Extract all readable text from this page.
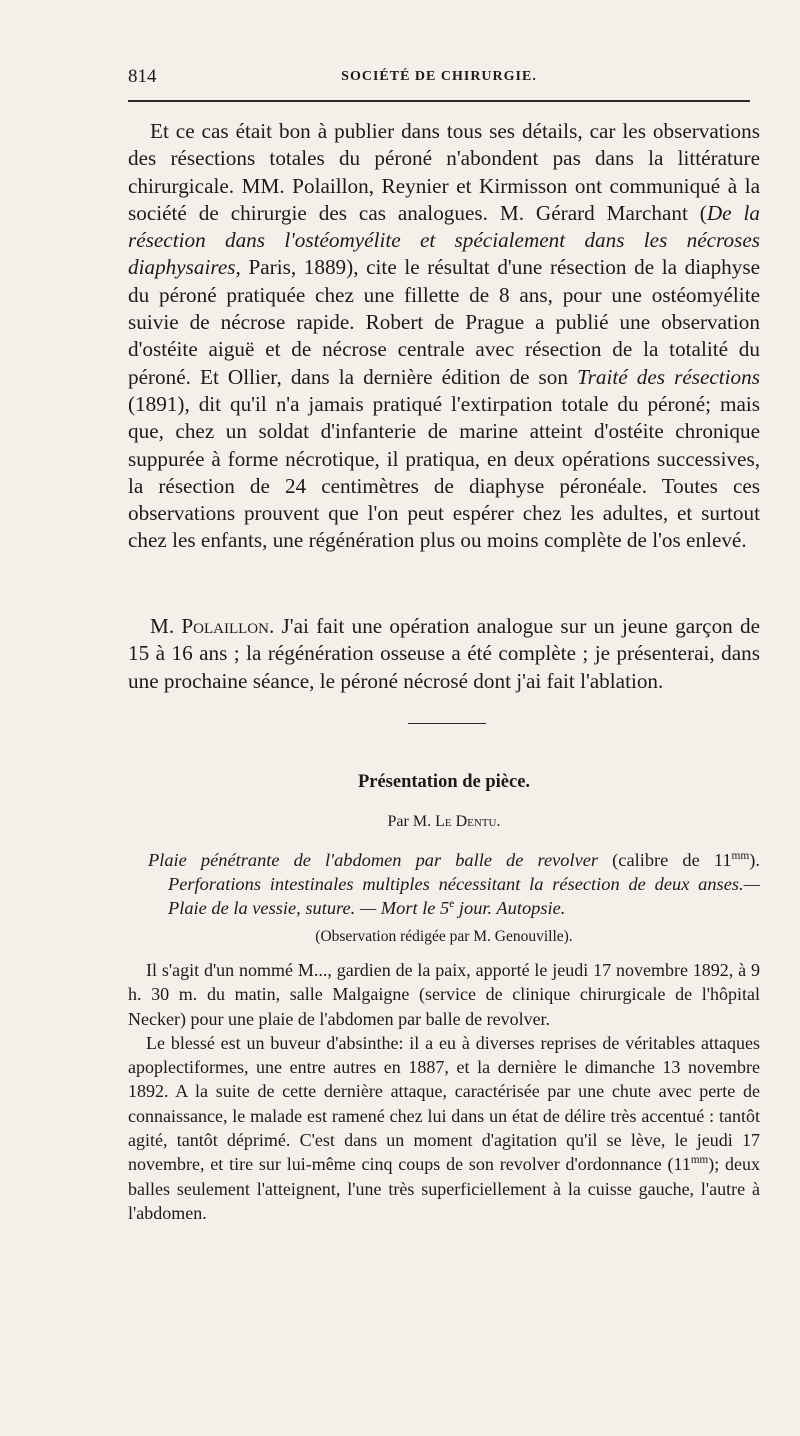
814	SOCIÉTÉ DE CHIRURGIE.

Et ce cas était bon à publier dans tous ses détails, car les observations des résections totales du péroné n'abondent pas dans la littérature chirurgicale. MM. Polaillon, Reynier et Kirmisson ont communiqué à la société de chirurgie des cas analogues. M. Gérard Marchant (De la résection dans l'ostéomyélite et spécialement dans les nécroses diaphysaires, Paris, 1889), cite le résultat d'une résection de la diaphyse du péroné pratiquée chez une fillette de 8 ans, pour une ostéomyélite suivie de nécrose rapide. Robert de Prague a publié une observation d'ostéite aiguë et de nécrose centrale avec résection de la totalité du péroné. Et Ollier, dans la dernière édition de son Traité des résections (1891), dit qu'il n'a jamais pratiqué l'extirpation totale du péroné; mais que, chez un soldat d'infanterie de marine atteint d'ostéite chronique suppurée à forme nécrotique, il pratiqua, en deux opérations successives, la résection de 24 centimètres de diaphyse péronéale. Toutes ces observations prouvent que l'on peut espérer chez les adultes, et surtout chez les enfants, une régénération plus ou moins complète de l'os enlevé.

M. Polaillon. J'ai fait une opération analogue sur un jeune garçon de 15 à 16 ans ; la régénération osseuse a été complète ; je présenterai, dans une prochaine séance, le péroné nécrosé dont j'ai fait l'ablation.

Présentation de pièce.
Par M. Le Dentu.

Plaie pénétrante de l'abdomen par balle de revolver (calibre de $11^{mm}$). Perforations intestinales multiples nécessitant la résection de deux anses.— Plaie de la vessie, suture. — Mort le 5e jour. Autopsie.

(Observation rédigée par M. Genouville).

Il s'agit d'un nommé M..., gardien de la paix, apporté le jeudi 17 novembre 1892, à 9 h. 30 m. du matin, salle Malgaigne (service de clinique chirurgicale de l'hôpital Necker) pour une plaie de l'abdomen par balle de revolver.

Le blessé est un buveur d'absinthe: il a eu à diverses reprises de véritables attaques apoplectiformes, une entre autres en 1887, et la dernière le dimanche 13 novembre 1892. A la suite de cette dernière attaque, caractérisée par une chute avec perte de connaissance, le malade est ramené chez lui dans un état de délire très accentué : tantôt agité, tantôt déprimé. C'est dans un moment d'agitation qu'il se lève, le jeudi 17 novembre, et tire sur lui-même cinq coups de son revolver d'ordonnance $(11^{mm})$; deux balles seulement l'atteignent, l'une très superficiellement à la cuisse gauche, l'autre à l'abdomen.
